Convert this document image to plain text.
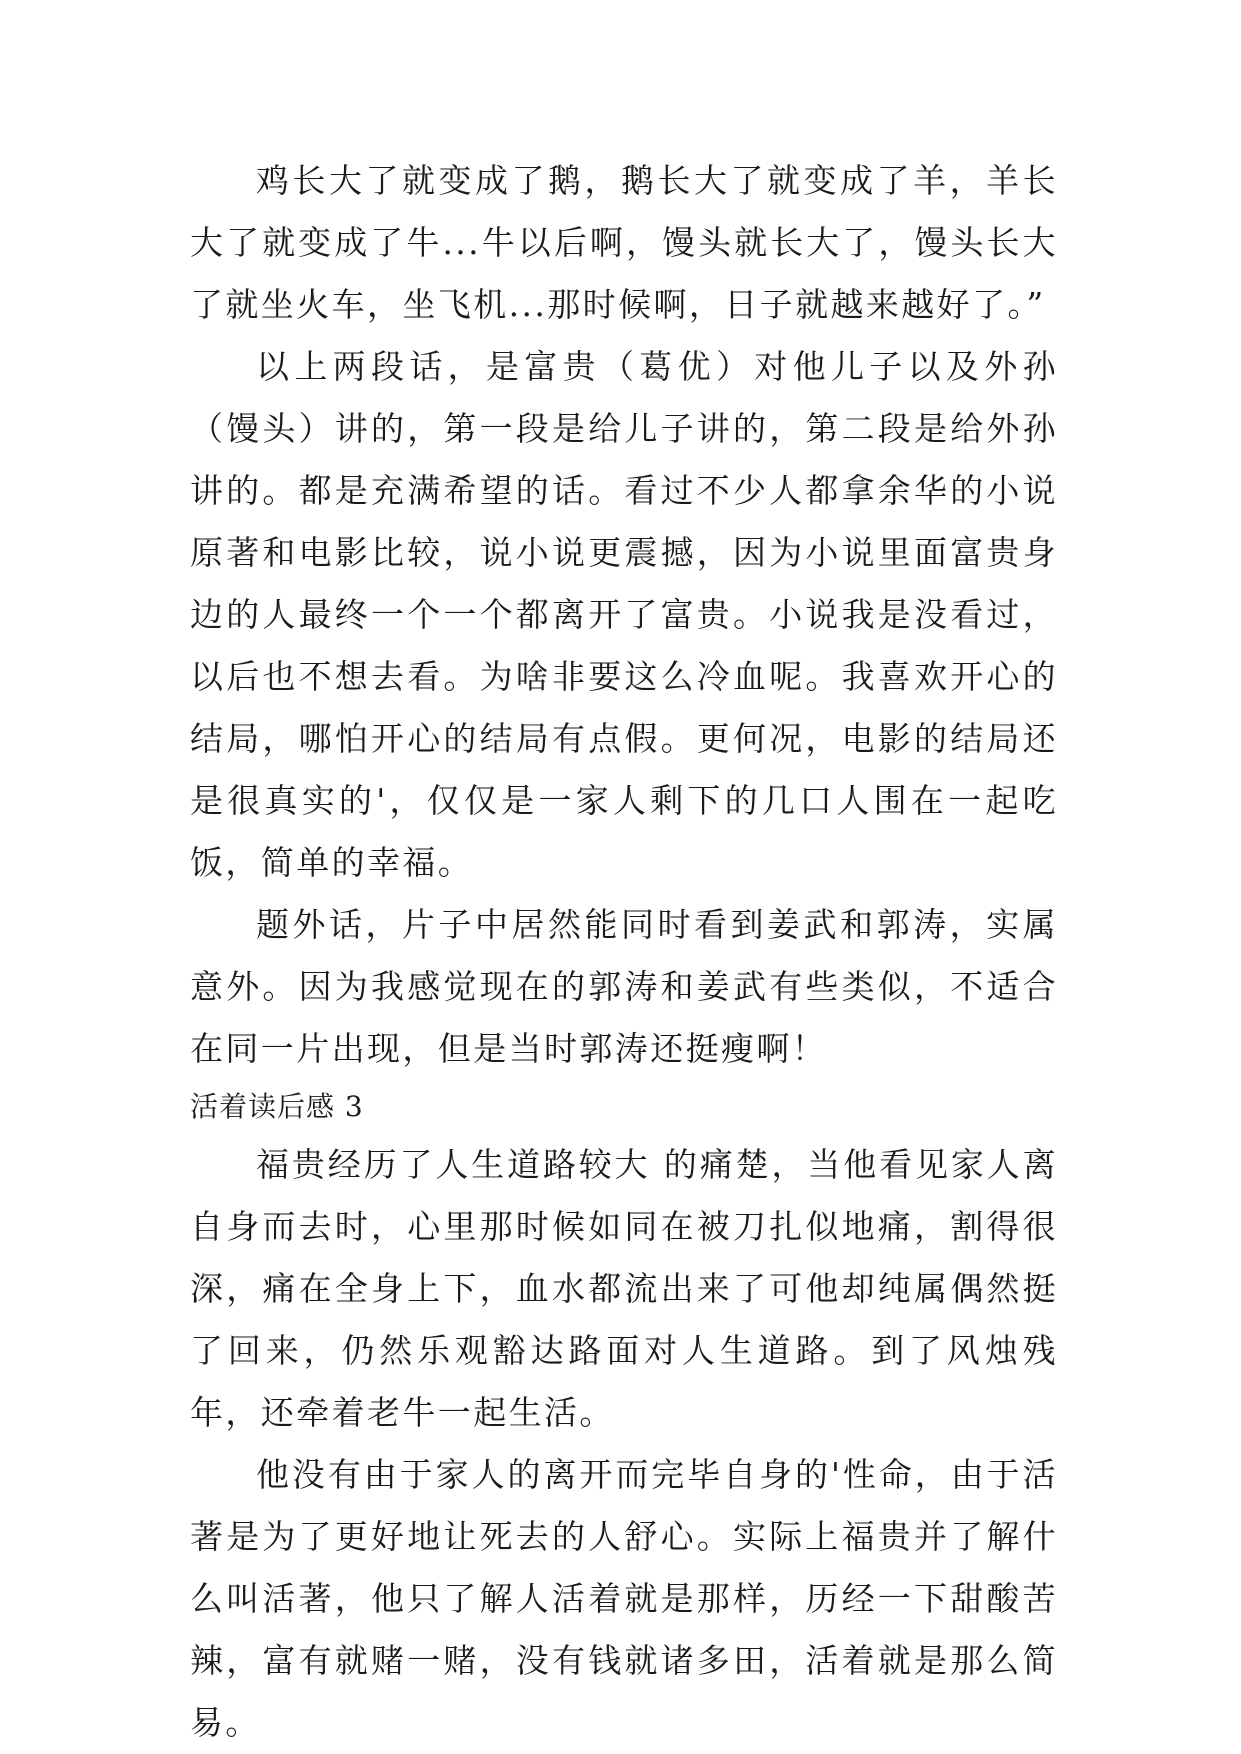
鸡长大了就变成了鹅，鹅长大了就变成了羊，羊长大了就变成了牛...牛以后啊，馒头就长大了，馒头长大了就坐火车，坐飞机...那时候啊，日子就越来越好了。”

以上两段话，是富贵（葛优）对他儿子以及外孙（馒头）讲的，第一段是给儿子讲的，第二段是给外孙讲的。都是充满希望的话。看过不少人都拿余华的小说原著和电影比较，说小说更震撼，因为小说里面富贵身边的人最终一个一个都离开了富贵。小说我是没看过，以后也不想去看。为啥非要这么冷血呢。我喜欢开心的结局，哪怕开心的结局有点假。更何况，电影的结局还是很真实的'，仅仅是一家人剩下的几口人围在一起吃饭，简单的幸福。

题外话，片子中居然能同时看到姜武和郭涛，实属意外。因为我感觉现在的郭涛和姜武有些类似，不适合在同一片出现，但是当时郭涛还挺瘦啊！

活着读后感 3

福贵经历了人生道路较大 的痛楚，当他看见家人离自身而去时，心里那时候如同在被刀扎似地痛，割得很深，痛在全身上下，血水都流出来了可他却纯属偶然挺了回来，仍然乐观豁达路面对人生道路。到了风烛残年，还牵着老牛一起生活。

他没有由于家人的离开而完毕自身的'性命，由于活著是为了更好地让死去的人舒心。实际上福贵并了解什么叫活著，他只了解人活着就是那样，历经一下甜酸苦辣，富有就赌一赌，没有钱就诸多田，活着就是那么简易。
